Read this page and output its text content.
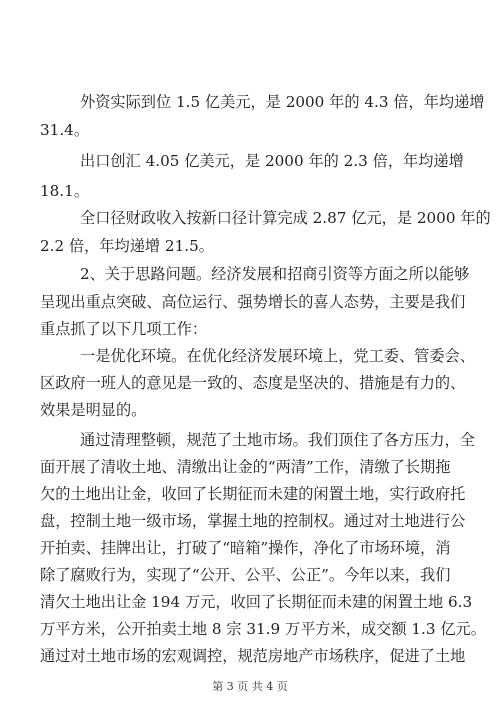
外资实际到位 1.5 亿美元，是 2000 年的 4.3 倍，年均递增
31.4。
出口创汇 4.05 亿美元，是 2000 年的 2.3 倍，年均递增
18.1。
全口径财政收入按新口径计算完成 2.87 亿元，是 2000 年的
2.2 倍，年均递增 21.5。
2、关于思路问题。经济发展和招商引资等方面之所以能够
呈现出重点突破、高位运行、强势增长的喜人态势，主要是我们
重点抓了以下几项工作：
一是优化环境。在优化经济发展环境上，党工委、管委会、
区政府一班人的意见是一致的、态度是坚决的、措施是有力的、
效果是明显的。
通过清理整顿，规范了土地市场。我们顶住了各方压力，全
面开展了清收土地、清缴出让金的“两清”工作，清缴了长期拖
欠的土地出让金，收回了长期征而未建的闲置土地，实行政府托
盘，控制土地一级市场，掌握土地的控制权。通过对土地进行公
开拍卖、挂牌出让，打破了“暗箱”操作，净化了市场环境，消
除了腐败行为，实现了“公开、公平、公正”。今年以来，我们
清欠土地出让金 194 万元，收回了长期征而未建的闲置土地 6.3
万平方米，公开拍卖土地 8 宗 31.9 万平方米，成交额 1.3 亿元。
通过对土地市场的宏观调控，规范房地产市场秩序，促进了土地
第 3 页 共 4 页
